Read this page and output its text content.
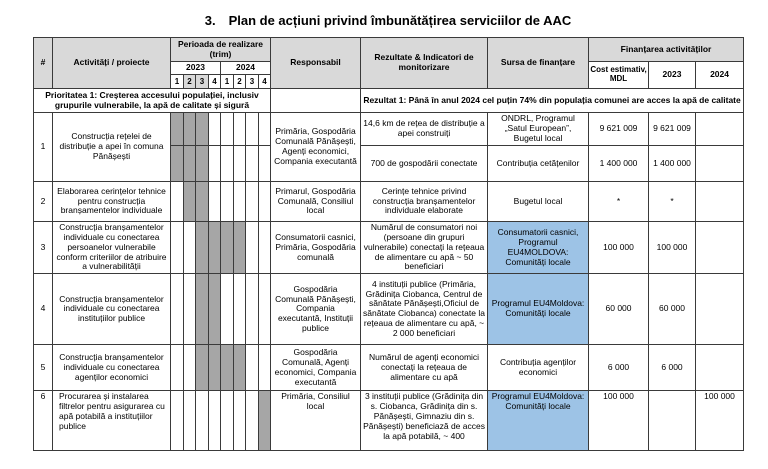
3. Plan de acțiuni privind îmbunătățirea serviciilor de AAC
#	Activități / proiecte	Perioada de realizare (trim)								Responsabil	Rezultate & Indicatori de monitorizare	Sursa de finanțare	Finanțarea activităților		
		2023				2024							Cost estimativ, MDL	2023	2024
		1	2	3	4	1	2	3	4						
Prioritatea 1: Creșterea accesului populației, inclusiv grupurile vulnerabile, la apă de calitate și sigură											Rezultat 1: Până în anul 2024 cel puțin 74% din populația comunei are acces la apă de calitate				
1	Construcția rețelei de distribuție a apei în comuna Pănășești									Primăria, Gospodăria Comunală Pănășești, Agenți economici, Compania executantă	14,6 km de rețea de distribuție a apei construiți	ONDRL, Programul „Satul European”, Bugetul local	9 621 009	9 621 009	
											700 de gospodării conectate	Contribuția cetățenilor	1 400 000	1 400 000	
2	Elaborarea cerințelor tehnice pentru construcția branșamentelor individuale									Primarul, Gospodăria Comunală, Consiliul local	Cerințe tehnice privind construcția branșamentelor individuale elaborate	Bugetul local	*	*	
3	Construcția branșamentelor individuale cu conectarea persoanelor vulnerabile conform criteriilor de atribuire a vulnerabilității									Consumatorii casnici, Primăria, Gospodăria comunală	Numărul de consumatori noi (persoane din grupuri vulnerabile) conectați la rețeaua de alimentare cu apă ~ 50 beneficiari	Consumatorii casnici, Programul EU4MOLDOVA: Comunități locale	100 000	100 000	
4	Construcția branșamentelor individuale cu conectarea instituțiilor publice									Gospodăria Comunală Pănășești, Compania executantă, Instituții publice	4 instituții publice (Primăria, Grădinița Ciobanca, Centrul de sănătate Pănășești,Oficiul de sănătate Ciobanca) conectate la rețeaua de alimentare cu apă, ~ 2 000 beneficiari	Programul EU4Moldova: Comunități locale	60 000	60 000	
5	Construcția branșamentelor individuale cu conectarea agenților economici									Gospodăria Comunală, Agenți economici, Compania executantă	Numărul de agenți economici conectați la rețeaua de alimentare cu apă	Contribuția agenților economici	6 000	6 000	
6	Procurarea și instalarea filtrelor pentru asigurarea cu apă potabilă a instituțiilor publice									Primăria, Consiliul local	3 instituții publice (Grădinița din s. Ciobanca, Grădinița din s. Pănășești, Gimnaziu din s. Pănășești) beneficiază de acces la apă potabilă, ~ 400	Programul EU4Moldova: Comunități locale	100 000		100 000
